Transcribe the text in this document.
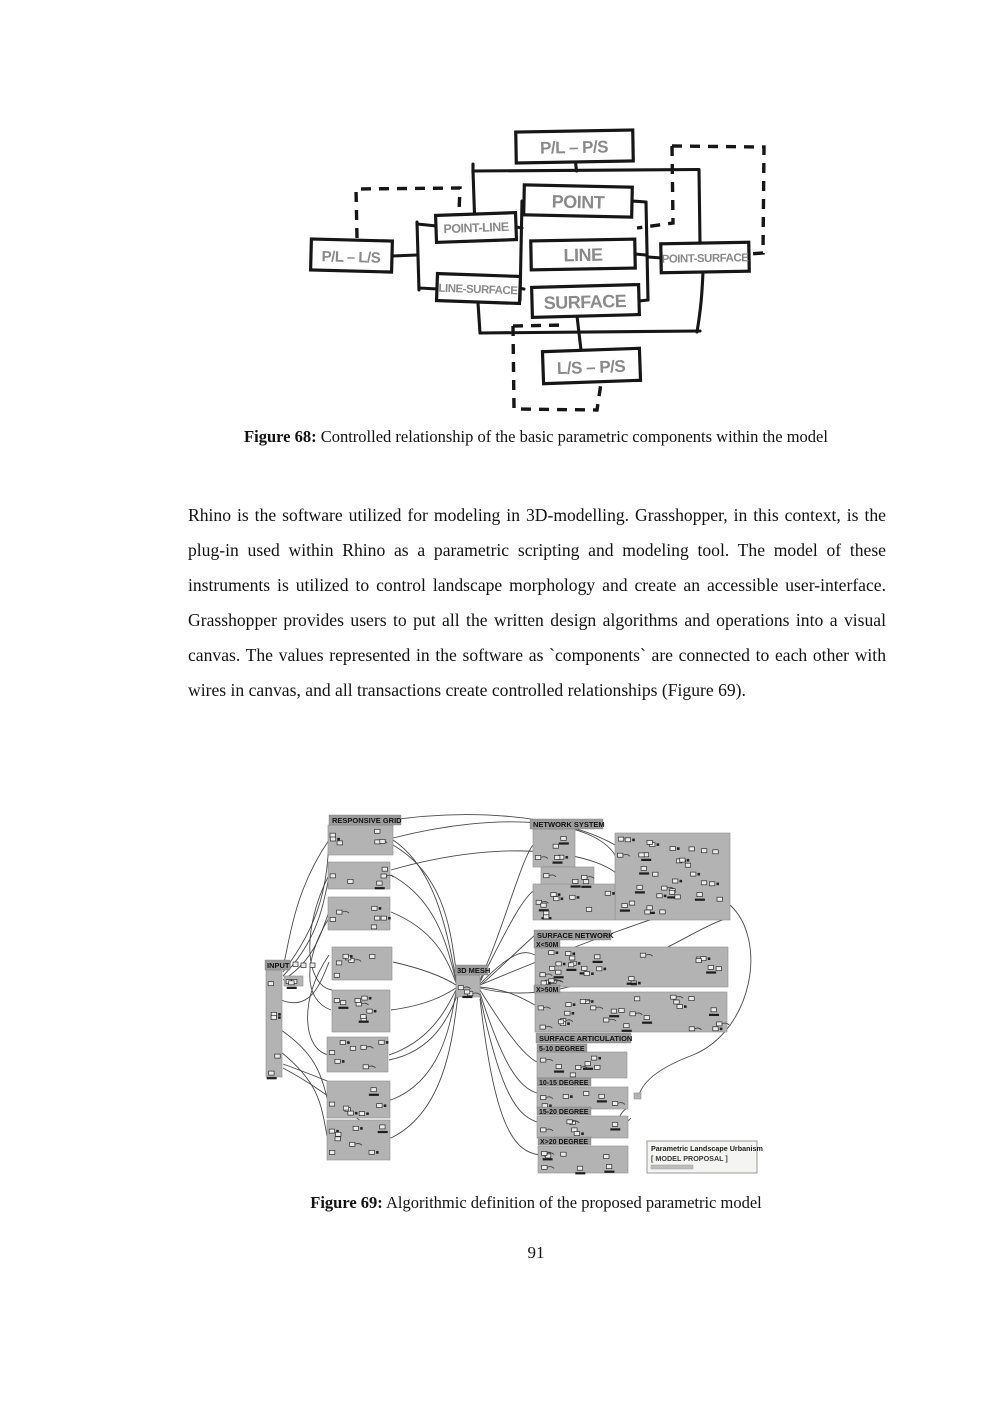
P/L – P/S
POINT
POINT-LINE
LINE
P/L – L/S
LINE-SURFACE
SURFACE
POINT-SURFACE
L/S – P/S
Figure 68: Controlled relationship of the basic parametric components within the model
Rhino is the software utilized for modeling in 3D-modelling. Grasshopper, in this context, is the plug-in used within Rhino as a parametric scripting and modeling tool. The model of these instruments is utilized to control landscape morphology and create an accessible user-interface. Grasshopper provides users to put all the written design algorithms and operations into a visual canvas. The values represented in the software as `components` are connected to each other with wires in canvas, and all transactions create controlled relationships (Figure 69).
RESPONSIVE GRID
INPUT
3D MESH
NETWORK SYSTEM
SURFACE NETWORK
X<50M
X>50M
SURFACE ARTICULATION
5-10 DEGREE
10-15 DEGREE
15-20 DEGREE
X>20 DEGREE
Parametric Landscape Urbanism
[ MODEL PROPOSAL ]
Figure 69: Algorithmic definition of the proposed parametric model
91
